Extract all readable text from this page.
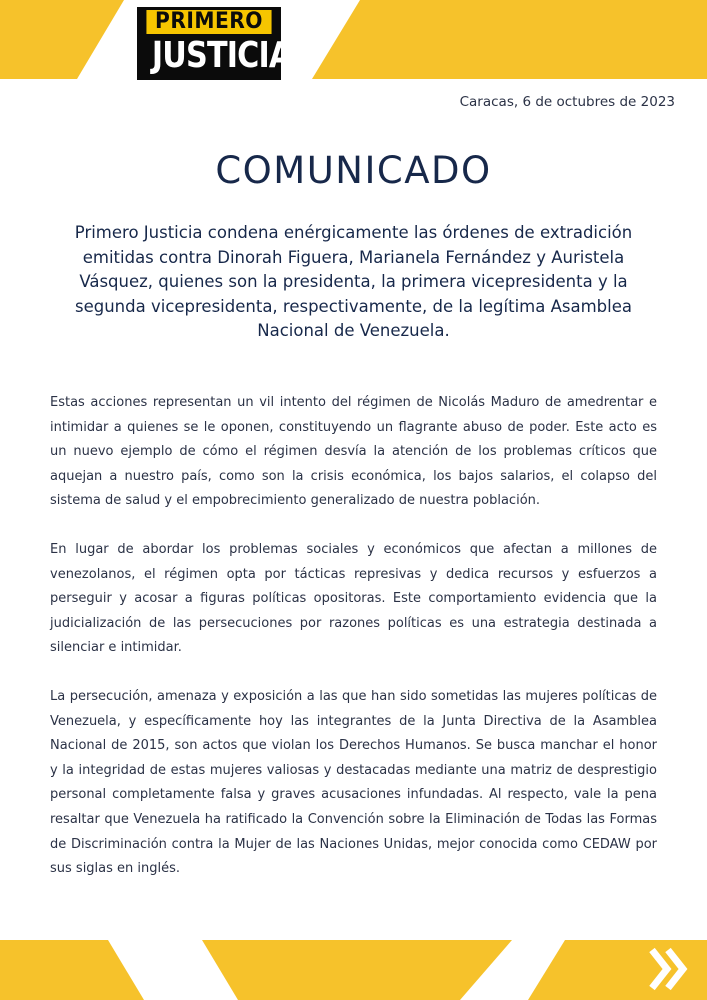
PRIMERO
JUSTICIA

Caracas, 6 de octubres de 2023

COMUNICADO

Primero Justicia condena enérgicamente las órdenes de extradición emitidas contra Dinorah Figuera, Marianela Fernández y Auristela Vásquez, quienes son la presidenta, la primera vicepresidenta y la segunda vicepresidenta, respectivamente, de la legítima Asamblea Nacional de Venezuela.

Estas acciones representan un vil intento del régimen de Nicolás Maduro de amedrentar e intimidar a quienes se le oponen, constituyendo un flagrante abuso de poder. Este acto es un nuevo ejemplo de cómo el régimen desvía la atención de los problemas críticos que aquejan a nuestro país, como son la crisis económica, los bajos salarios, el colapso del sistema de salud y el empobrecimiento generalizado de nuestra población.

En lugar de abordar los problemas sociales y económicos que afectan a millones de venezolanos, el régimen opta por tácticas represivas y dedica recursos y esfuerzos a perseguir y acosar a figuras políticas opositoras. Este comportamiento evidencia que la judicialización de las persecuciones por razones políticas es una estrategia destinada a silenciar e intimidar.

La persecución, amenaza y exposición a las que han sido sometidas las mujeres políticas de Venezuela, y específicamente hoy las integrantes de la Junta Directiva de la Asamblea Nacional de 2015, son actos que violan los Derechos Humanos. Se busca manchar el honor y la integridad de estas mujeres valiosas y destacadas mediante una matriz de desprestigio personal completamente falsa y graves acusaciones infundadas. Al respecto, vale la pena resaltar que Venezuela ha ratificado la Convención sobre la Eliminación de Todas las Formas de Discriminación contra la Mujer de las Naciones Unidas, mejor conocida como CEDAW por sus siglas en inglés.
